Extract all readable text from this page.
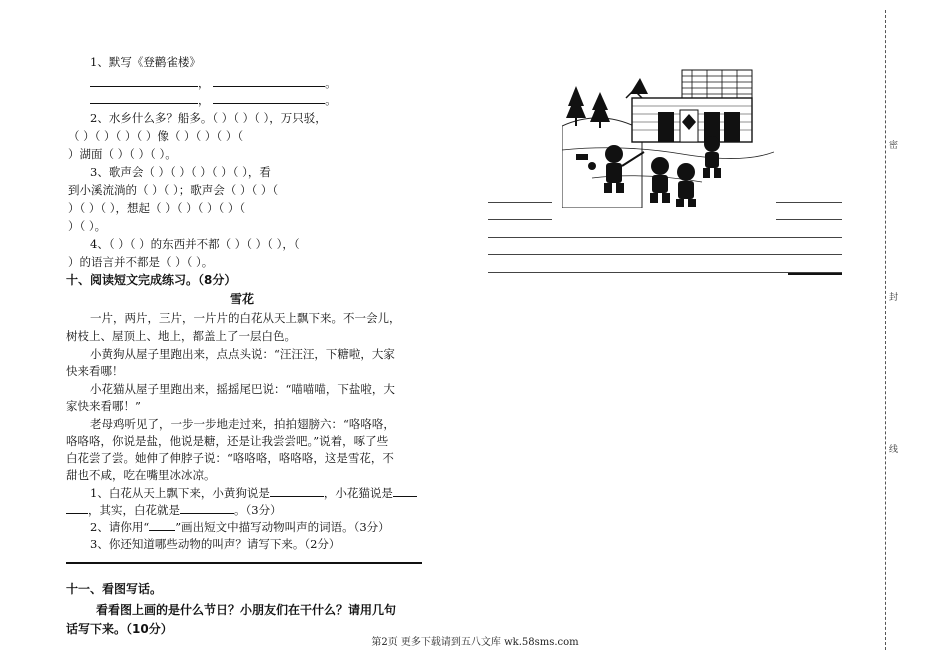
1、默写《登鹳雀楼》
，	。
，	。
2、水乡什么多？船多。（ ）（ ）（ ），万只驳，
（ ）（ ）（ ）（ ）像（ ）（ ）（ ）（
）湖面（ ）（ ）（ ）。
3、歌声会（ ）（ ）（ ）（ ）（ ），看
到小溪流淌的（ ）（ ）；歌声会（ ）（ ）（
）（ ）（ ），想起（ ）（ ）（ ）（ ）（
）（ ）。
4、（ ）（ ）的东西并不都（ ）（ ）（ ），（
）的语言并不都是（ ）（ ）。
十、阅读短文完成练习。（8分）
雪花
一片，两片，三片，一片片的白花从天上飘下来。不一会儿，
树枝上、屋顶上、地上，都盖上了一层白色。
小黄狗从屋子里跑出来，点点头说：“汪汪汪，下糖啦，大家
快来看哪！
小花猫从屋子里跑出来，摇摇尾巴说：“喵喵喵，下盐啦，大
家快来看哪！”
老母鸡听见了，一步一步地走过来，拍拍翅膀六：“咯咯咯，
咯咯咯，你说是盐，他说是糖，还是让我尝尝吧。”说着，啄了些
白花尝了尝。她伸了伸脖子说：“咯咯咯，咯咯咯，这是雪花，不
甜也不咸，吃在嘴里冰冰凉。
1、白花从天上飘下来，小黄狗说是	，小花猫说是
，其实，白花就是	。（3分）
2、请你用“ ”画出短文中描写动物叫声的词语。（3分）
3、你还知道哪些动物的叫声？请写下来。（2分）
十一、看图写话。
看看图上画的是什么节日？小朋友们在干什么？请用几句
话写下来。（10分）
密
封
线
第2页 更多下载请到五八文库 wk.58sms.com
